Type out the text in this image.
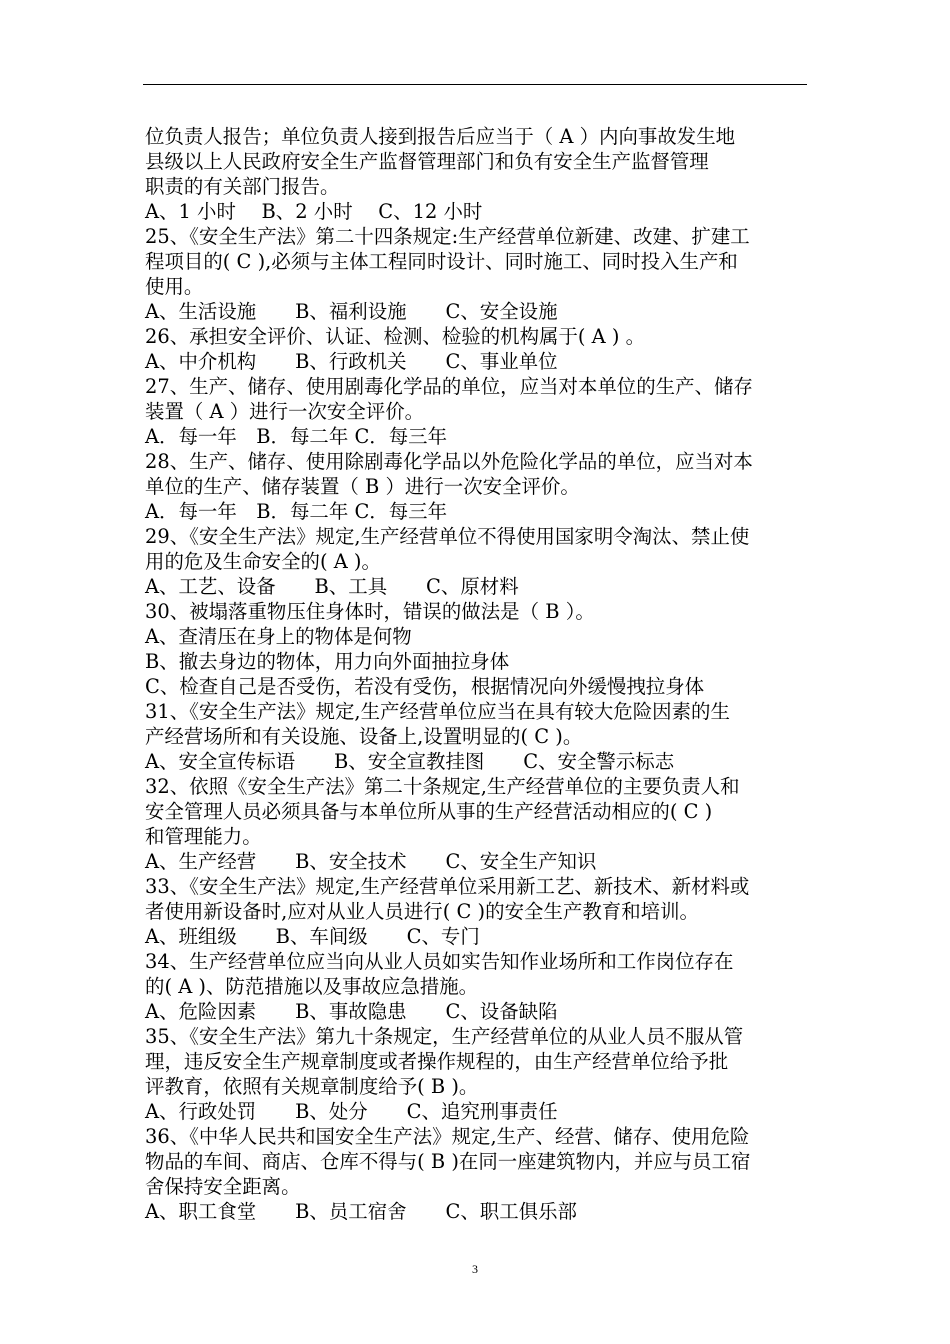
位负责人报告；单位负责人接到报告后应当于（ A ）内向事故发生地
县级以上人民政府安全生产监督管理部门和负有安全生产监督管理
职责的有关部门报告。
A、1 小时　 B、2 小时　 C、12 小时
25、《安全生产法》第二十四条规定:生产经营单位新建、改建、扩建工
程项目的( C ),必须与主体工程同时设计、同时施工、同时投入生产和
使用。
A、生活设施　　B、福利设施　　C、安全设施
26、承担安全评价、认证、检测、检验的机构属于( A ) 。
A、中介机构　　B、行政机关　　C、事业单位
27、生产、储存、使用剧毒化学品的单位，应当对本单位的生产、储存
装置（ A ）进行一次安全评价。
A．每一年　B．每二年 C．每三年
28、生产、储存、使用除剧毒化学品以外危险化学品的单位，应当对本
单位的生产、储存装置（ B ）进行一次安全评价。
A．每一年　B．每二年 C．每三年
29、《安全生产法》规定,生产经营单位不得使用国家明令淘汰、禁止使
用的危及生命安全的( A )。
A、工艺、设备　　B、工具　　C、原材料
30、被塌落重物压住身体时，错误的做法是（ B ）。
A、查清压在身上的物体是何物
B、撤去身边的物体，用力向外面抽拉身体
C、检查自己是否受伤，若没有受伤，根据情况向外缓慢拽拉身体
31、《安全生产法》规定,生产经营单位应当在具有较大危险因素的生
产经营场所和有关设施、设备上,设置明显的( C )。
A、安全宣传标语　　B、安全宣教挂图　　C、安全警示标志
32、依照《安全生产法》第二十条规定,生产经营单位的主要负责人和
安全管理人员必须具备与本单位所从事的生产经营活动相应的( C )
和管理能力。
A、生产经营　　B、安全技术　　C、安全生产知识
33、《安全生产法》规定,生产经营单位采用新工艺、新技术、新材料或
者使用新设备时,应对从业人员进行( C )的安全生产教育和培训。
A、班组级　　B、车间级　　C、专门
34、生产经营单位应当向从业人员如实告知作业场所和工作岗位存在
的( A )、防范措施以及事故应急措施。
A、危险因素　　B、事故隐患　　C、设备缺陷
35、《安全生产法》第九十条规定，生产经营单位的从业人员不服从管
理，违反安全生产规章制度或者操作规程的，由生产经营单位给予批
评教育，依照有关规章制度给予( B )。
A、行政处罚　　B、处分　　C、追究刑事责任
36、《中华人民共和国安全生产法》规定,生产、经营、储存、使用危险
物品的车间、商店、仓库不得与( B )在同一座建筑物内，并应与员工宿
舍保持安全距离。
A、职工食堂　　B、员工宿舍　　C、职工俱乐部
3
